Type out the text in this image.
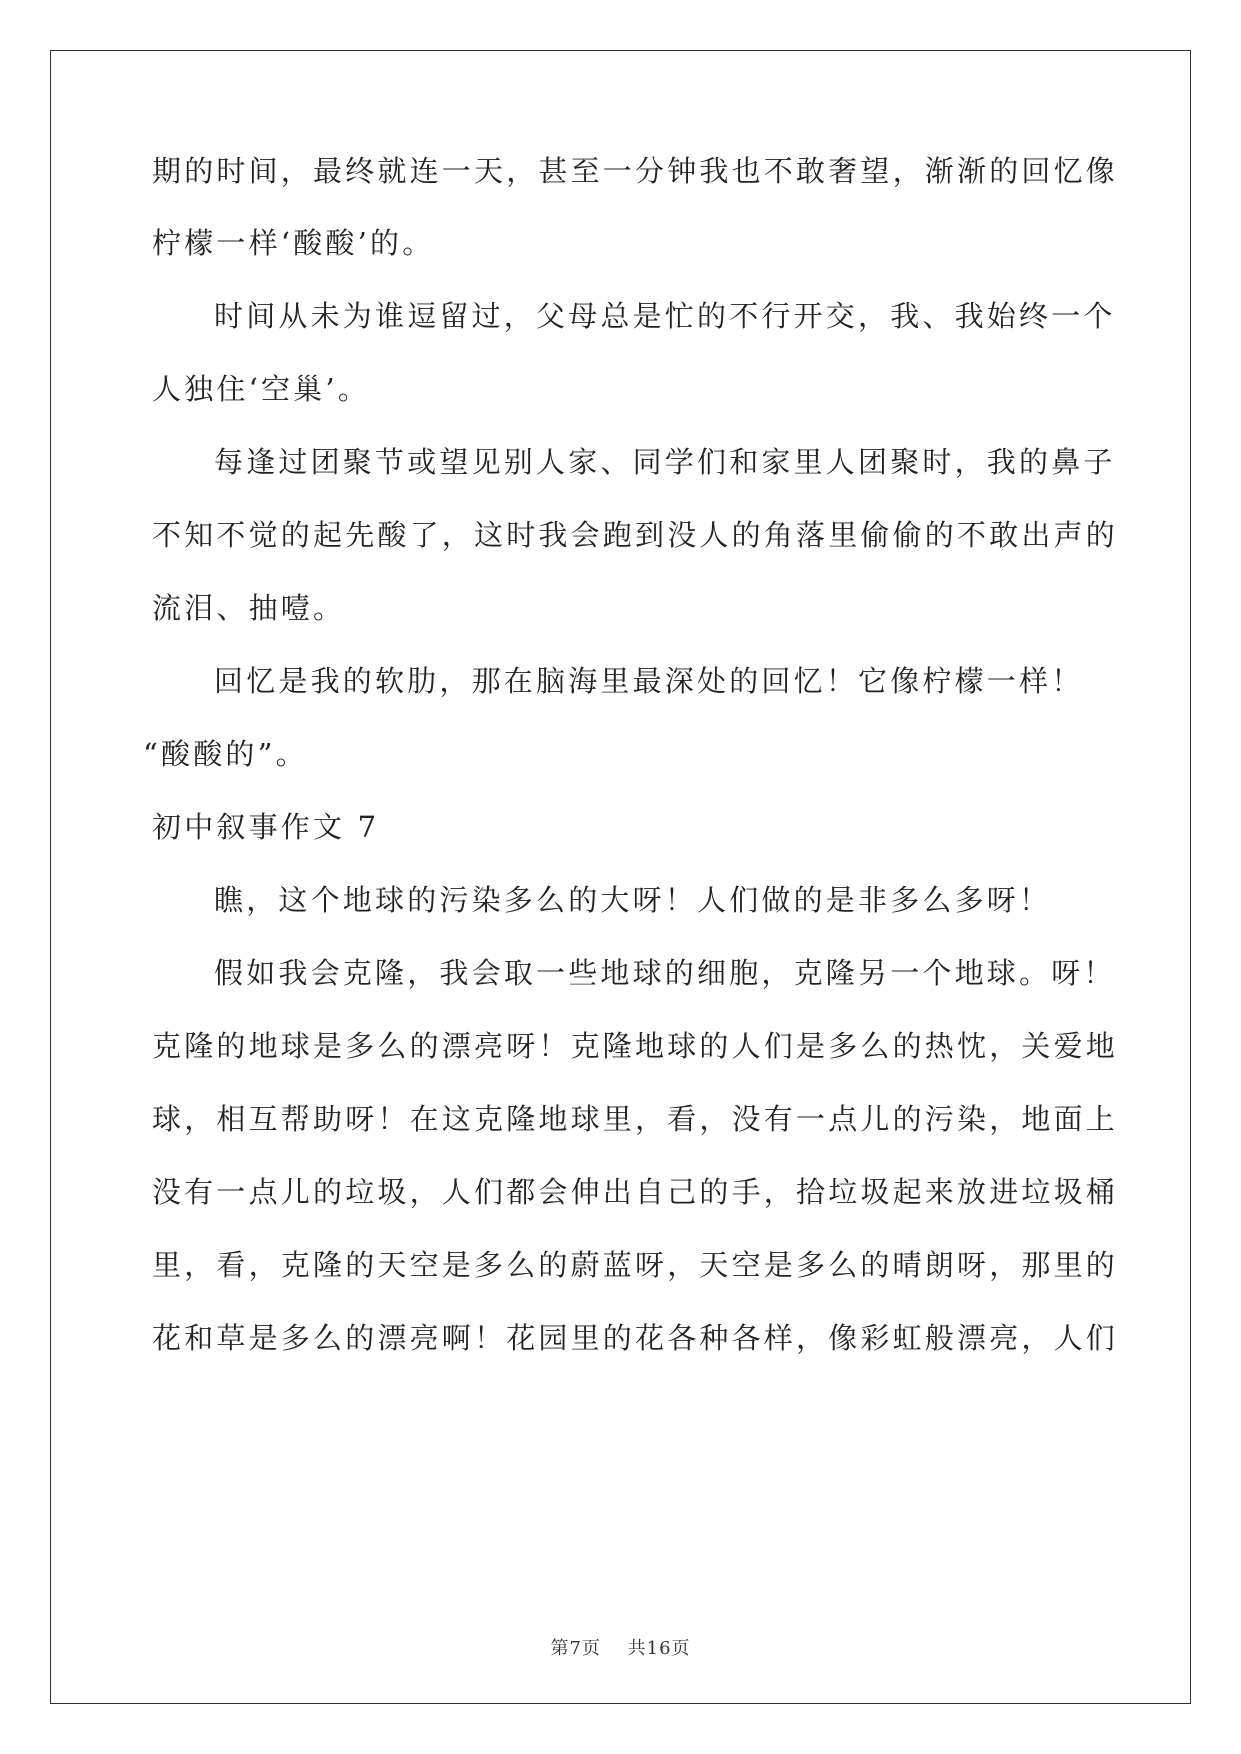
期的时间，最终就连一天，甚至一分钟我也不敢奢望，渐渐的回忆像
柠檬一样‘酸酸’的。
时间从未为谁逗留过，父母总是忙的不行开交，我、我始终一个
人独住‘空巢’。
每逢过团聚节或望见别人家、同学们和家里人团聚时，我的鼻子
不知不觉的起先酸了，这时我会跑到没人的角落里偷偷的不敢出声的
流泪、抽噎。
回忆是我的软肋，那在脑海里最深处的回忆！它像柠檬一样！
“酸酸的”。
初中叙事作文 7
瞧，这个地球的污染多么的大呀！人们做的是非多么多呀！
假如我会克隆，我会取一些地球的细胞，克隆另一个地球。呀！
克隆的地球是多么的漂亮呀！克隆地球的人们是多么的热忱，关爱地
球，相互帮助呀！在这克隆地球里，看，没有一点儿的污染，地面上
没有一点儿的垃圾，人们都会伸出自己的手，拾垃圾起来放进垃圾桶
里，看，克隆的天空是多么的蔚蓝呀，天空是多么的晴朗呀，那里的
花和草是多么的漂亮啊！花园里的花各种各样，像彩虹般漂亮，人们
第7页 共16页
